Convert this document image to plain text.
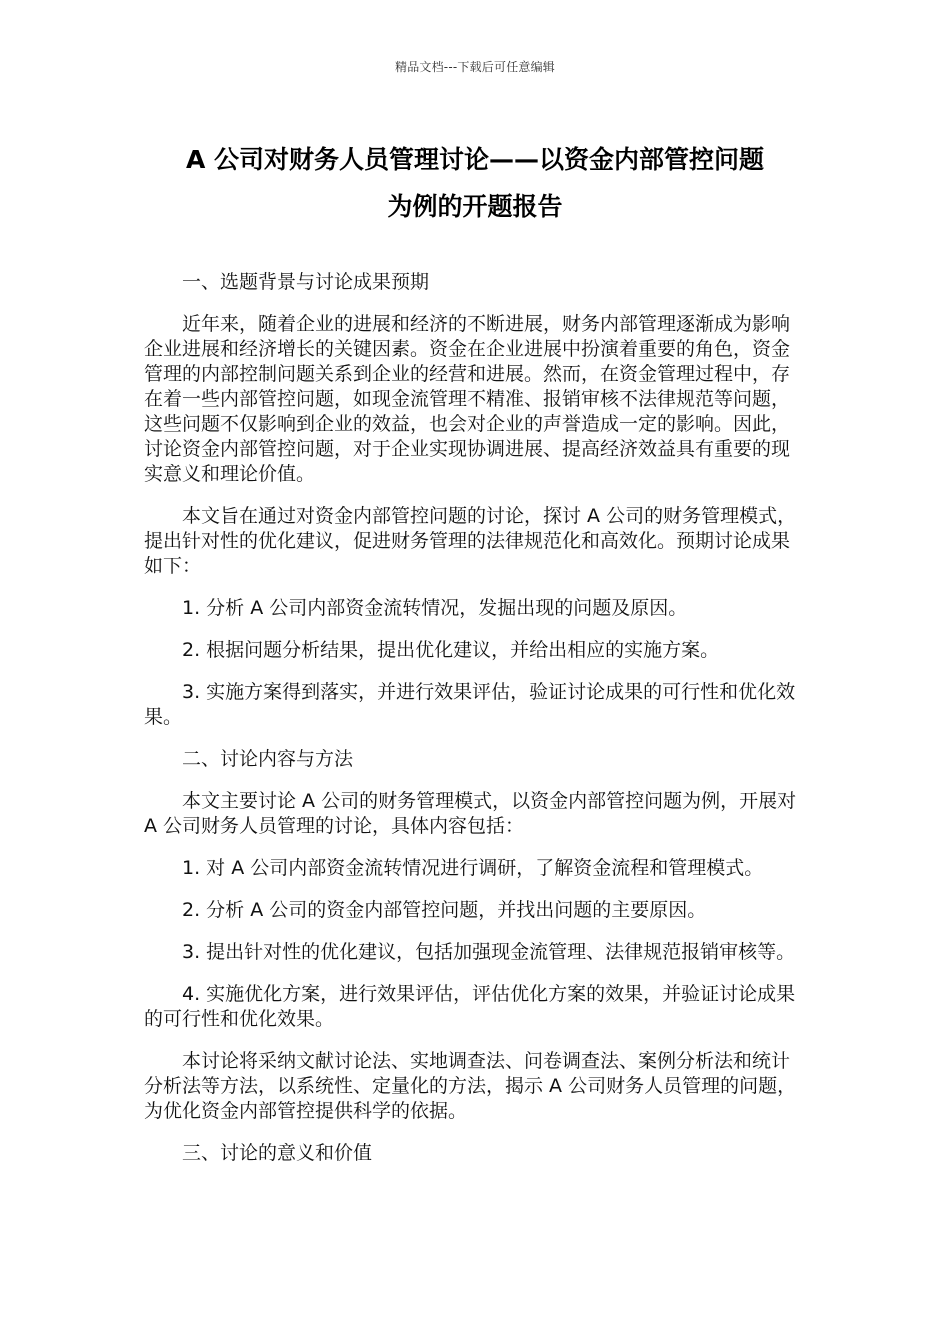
精品文档---下载后可任意编辑
A 公司对财务人员管理讨论——以资金内部管控问题
为例的开题报告

一、选题背景与讨论成果预期

近年来，随着企业的进展和经济的不断进展，财务内部管理逐渐成为影响企业进展和经济增长的关键因素。资金在企业进展中扮演着重要的角色，资金管理的内部控制问题关系到企业的经营和进展。然而，在资金管理过程中，存在着一些内部管控问题，如现金流管理不精准、报销审核不法律规范等问题，这些问题不仅影响到企业的效益，也会对企业的声誉造成一定的影响。因此，讨论资金内部管控问题，对于企业实现协调进展、提高经济效益具有重要的现实意义和理论价值。

本文旨在通过对资金内部管控问题的讨论，探讨 A 公司的财务管理模式，提出针对性的优化建议，促进财务管理的法律规范化和高效化。预期讨论成果如下：

1. 分析 A 公司内部资金流转情况，发掘出现的问题及原因。

2. 根据问题分析结果，提出优化建议，并给出相应的实施方案。

3. 实施方案得到落实，并进行效果评估，验证讨论成果的可行性和优化效果。

二、讨论内容与方法

本文主要讨论 A 公司的财务管理模式，以资金内部管控问题为例，开展对 A 公司财务人员管理的讨论，具体内容包括：

1. 对 A 公司内部资金流转情况进行调研，了解资金流程和管理模式。

2. 分析 A 公司的资金内部管控问题，并找出问题的主要原因。

3. 提出针对性的优化建议，包括加强现金流管理、法律规范报销审核等。

4. 实施优化方案，进行效果评估，评估优化方案的效果，并验证讨论成果的可行性和优化效果。

本讨论将采纳文献讨论法、实地调查法、问卷调查法、案例分析法和统计分析法等方法，以系统性、定量化的方法，揭示 A 公司财务人员管理的问题，为优化资金内部管控提供科学的依据。

三、讨论的意义和价值
